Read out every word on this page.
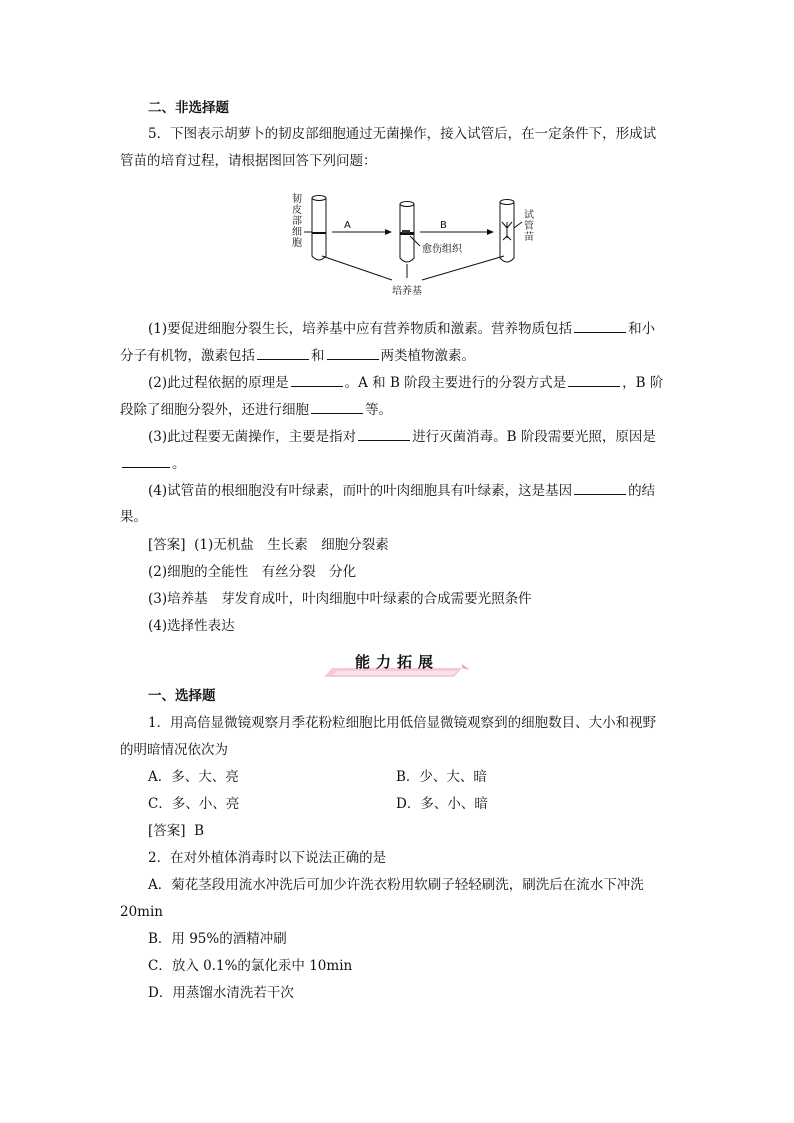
二、非选择题
5．下图表示胡萝卜的韧皮部细胞通过无菌操作，接入试管后，在一定条件下，形成试
管苗的培育过程，请根据图回答下列问题：
韧
皮
部
细
胞
A	B
愈伤组织
试
管
苗
培养基
(1)要促进细胞分裂生长，培养基中应有营养物质和激素。营养物质包括	和小
分子有机物，激素包括	和	两类植物激素。
(2)此过程依据的原理是	。A 和 B 阶段主要进行的分裂方式是	，B 阶
段除了细胞分裂外，还进行细胞	等。
(3)此过程要无菌操作，主要是指对	进行灭菌消毒。B 阶段需要光照，原因是
。
(4)试管苗的根细胞没有叶绿素，而叶的叶肉细胞具有叶绿素，这是基因	的结
果。
[答案] (1)无机盐　生长素　细胞分裂素
(2)细胞的全能性　有丝分裂　分化
(3)培养基　芽发育成叶，叶肉细胞中叶绿素的合成需要光照条件
(4)选择性表达
能力拓展
一、选择题
1．用高倍显微镜观察月季花粉粒细胞比用低倍显微镜观察到的细胞数目、大小和视野
的明暗情况依次为
A．多、大、亮	B．少、大、暗
C．多、小、亮	D．多、小、暗
[答案] B
2．在对外植体消毒时以下说法正确的是
A．菊花茎段用流水冲洗后可加少许洗衣粉用软刷子轻轻刷洗，刷洗后在流水下冲洗
20min
B．用 95%的酒精冲刷
C．放入 0.1%的氯化汞中 10min
D．用蒸馏水清洗若干次
